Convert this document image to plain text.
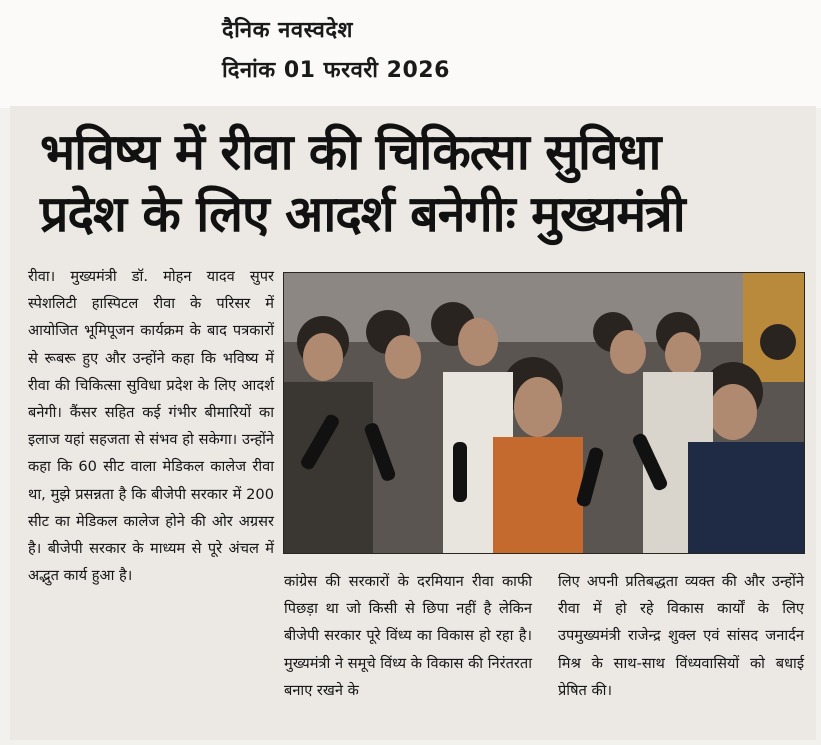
दैनिक नवस्वदेश
दिनांक 01 फरवरी 2026
भविष्य में रीवा की चिकित्सा सुविधा
प्रदेश के लिए आदर्श बनेगीः मुख्यमंत्री

रीवा। मुख्यमंत्री डॉ. मोहन यादव सुपर स्पेशलिटी हास्पिटल रीवा के परिसर में आयोजित भूमिपूजन कार्यक्रम के बाद पत्रकारों से रूबरू हुए और उन्होंने कहा कि भविष्य में रीवा की चिकित्सा सुविधा प्रदेश के लिए आदर्श बनेगी। कैंसर सहित कई गंभीर बीमारियों का इलाज यहां सहजता से संभव हो सकेगा। उन्होंने कहा कि 60 सीट वाला मेडिकल कालेज रीवा था, मुझे प्रसन्नता है कि बीजेपी सरकार में 200 सीट का मेडिकल कालेज होने की ओर अग्रसर है। बीजेपी सरकार के माध्यम से पूरे अंचल में अद्भुत कार्य हुआ है।	कांग्रेस की सरकारों के दरमियान रीवा काफी पिछड़ा था जो किसी से छिपा नहीं है लेकिन बीजेपी सरकार पूरे विंध्य का विकास हो रहा है। मुख्यमंत्री ने समूचे विंध्य के विकास की निरंतरता बनाए रखने के

लिए अपनी प्रतिबद्धता व्यक्त की और उन्होंने रीवा में हो रहे विकास कार्यों के लिए उपमुख्यमंत्री राजेन्द्र शुक्ल एवं सांसद जनार्दन मिश्र के साथ-साथ विंध्यवासियों को बधाई प्रेषित की।
